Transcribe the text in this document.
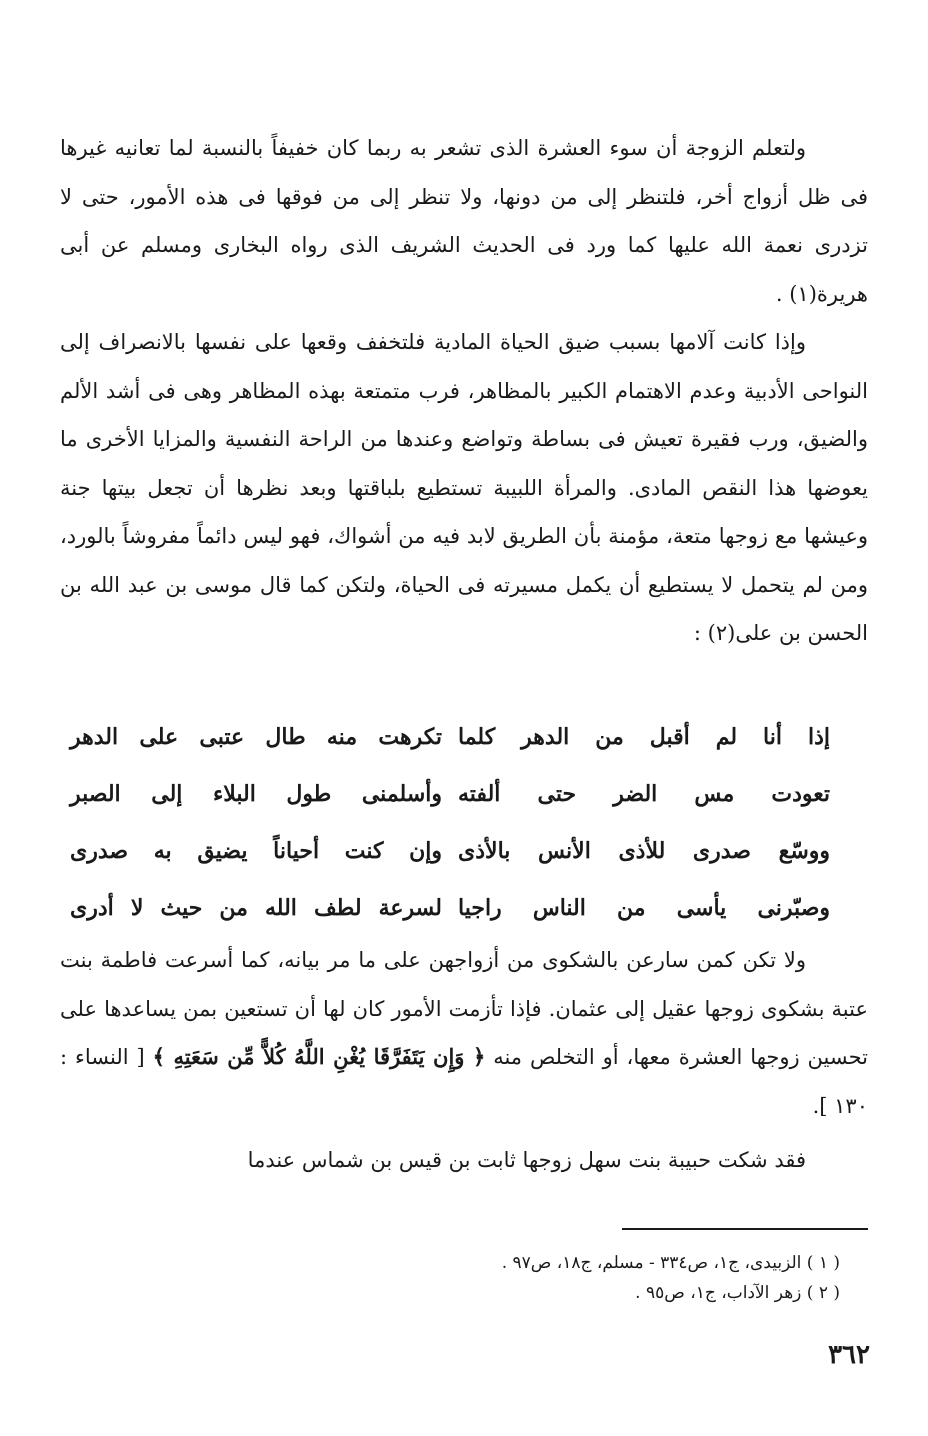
ولتعلم الزوجة أن سوء العشرة الذى تشعر به ربما كان خفيفاً بالنسبة لما تعانيه غيرها فى ظل أزواج أخر، فلتنظر إلى من دونها، ولا تنظر إلى من فوقها فى هذه الأمور، حتى لا تزدرى نعمة الله عليها كما ورد فى الحديث الشريف الذى رواه البخارى ومسلم عن أبى هريرة(١) .

وإذا كانت آلامها بسبب ضيق الحياة المادية فلتخفف وقعها على نفسها بالانصراف إلى النواحى الأدبية وعدم الاهتمام الكبير بالمظاهر، فرب متمتعة بهذه المظاهر وهى فى أشد الألم والضيق، ورب فقيرة تعيش فى بساطة وتواضع وعندها من الراحة النفسية والمزايا الأخرى ما يعوضها هذا النقص المادى. والمرأة اللبيبة تستطيع بلباقتها وبعد نظرها أن تجعل بيتها جنة وعيشها مع زوجها متعة، مؤمنة بأن الطريق لابد فيه من أشواك، فهو ليس دائماً مفروشاً بالورد، ومن لم يتحمل لا يستطيع أن يكمل مسيرته فى الحياة، ولتكن كما قال موسى بن عبد الله بن الحسن بن على(٢) :

إذا أنا لم أقبل من الدهر كلما
تكرهت منه طال عتبى على الدهر
تعودت مس الضر حتى ألفته
وأسلمنى طول البلاء إلى الصبر
ووسّع صدرى للأذى الأنس بالأذى
وإن كنت أحياناً يضيق به صدرى
وصبّرنى يأسى من الناس راجيا
لسرعة لطف الله من حيث لا أدرى

ولا تكن كمن سارعن بالشكوى من أزواجهن على ما مر بيانه، كما أسرعت فاطمة بنت عتبة بشكوى زوجها عقيل إلى عثمان. فإذا تأزمت الأمور كان لها أن تستعين بمن يساعدها على تحسين زوجها العشرة معها، أو التخلص منه ﴿ وَإِن يَتَفَرَّقَا يُغْنِ اللَّهُ كُلاًّ مِّن سَعَتِهِ ﴾ [ النساء : ١٣٠ ].

فقد شكت حبيبة بنت سهل زوجها ثابت بن قيس بن شماس عندما

( ١ ) الزبيدى، ج١، ص٣٣٤ - مسلم، ج١٨، ص٩٧ .

( ٢ ) زهر الآداب، ج١، ص٩٥ .

٣٦٢
